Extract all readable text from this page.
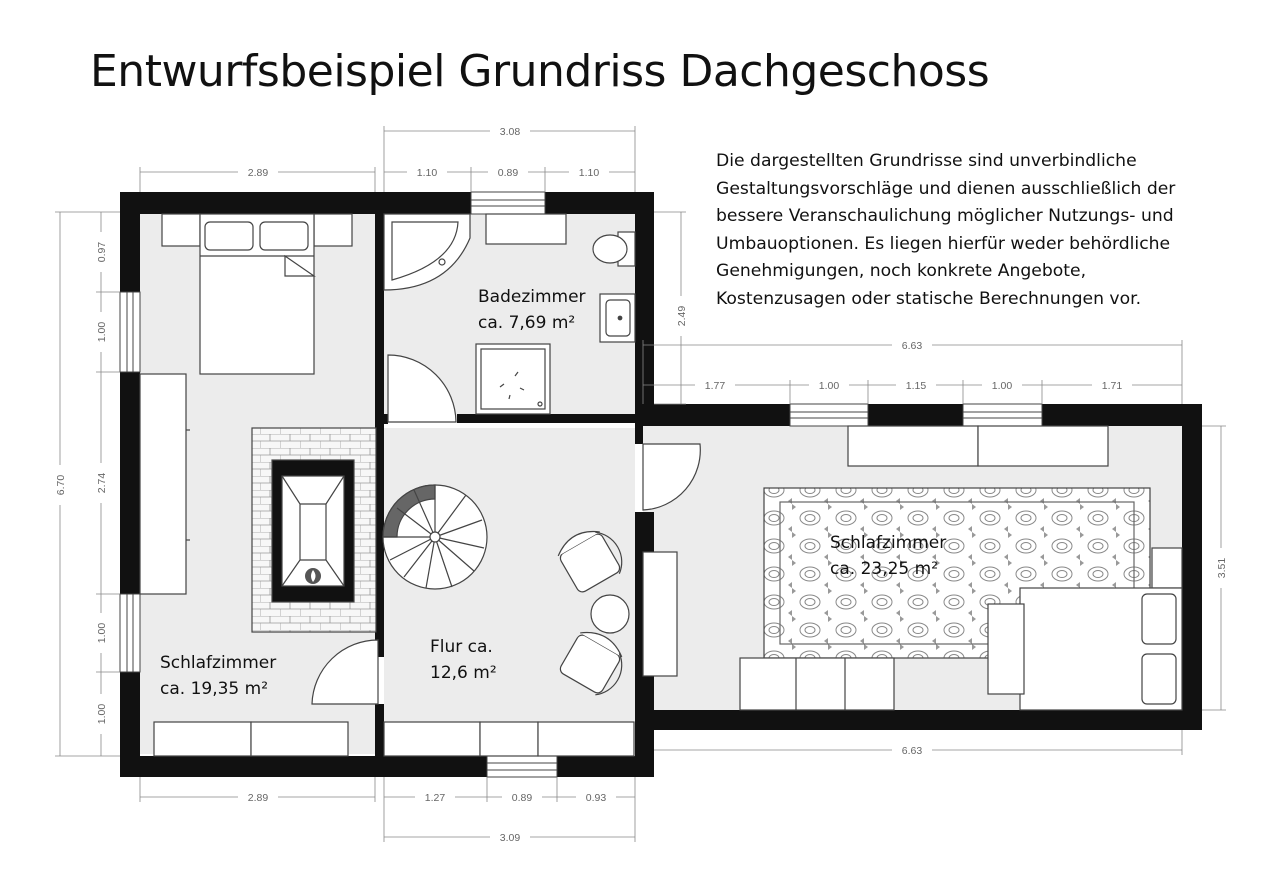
Entwurfsbeispiel Grundriss Dachgeschoss
Die dargestellten Grundrisse sind unverbindliche
Gestaltungsvorschläge und dienen ausschließlich der
bessere Veranschaulichung möglicher Nutzungs- und
Umbauoptionen. Es liegen hierfür weder behördliche
Genehmigungen, noch konkrete Angebote,
Kostenzusagen oder statische Berechnungen vor.
Badezimmer
ca. 7,69 m²
Schlafzimmer
ca. 19,35 m²
Flur ca.
12,6 m²
Schlafzimmer
ca. 23,25 m²
2.89
3.08
1.10	0.89	1.10
6.70
0.97
1.00
2.74
1.00
1.00
2.49
6.63
1.77	1.00	1.15	1.00	1.71
3.51
6.63
2.89	1.27	0.89	0.93
3.09
